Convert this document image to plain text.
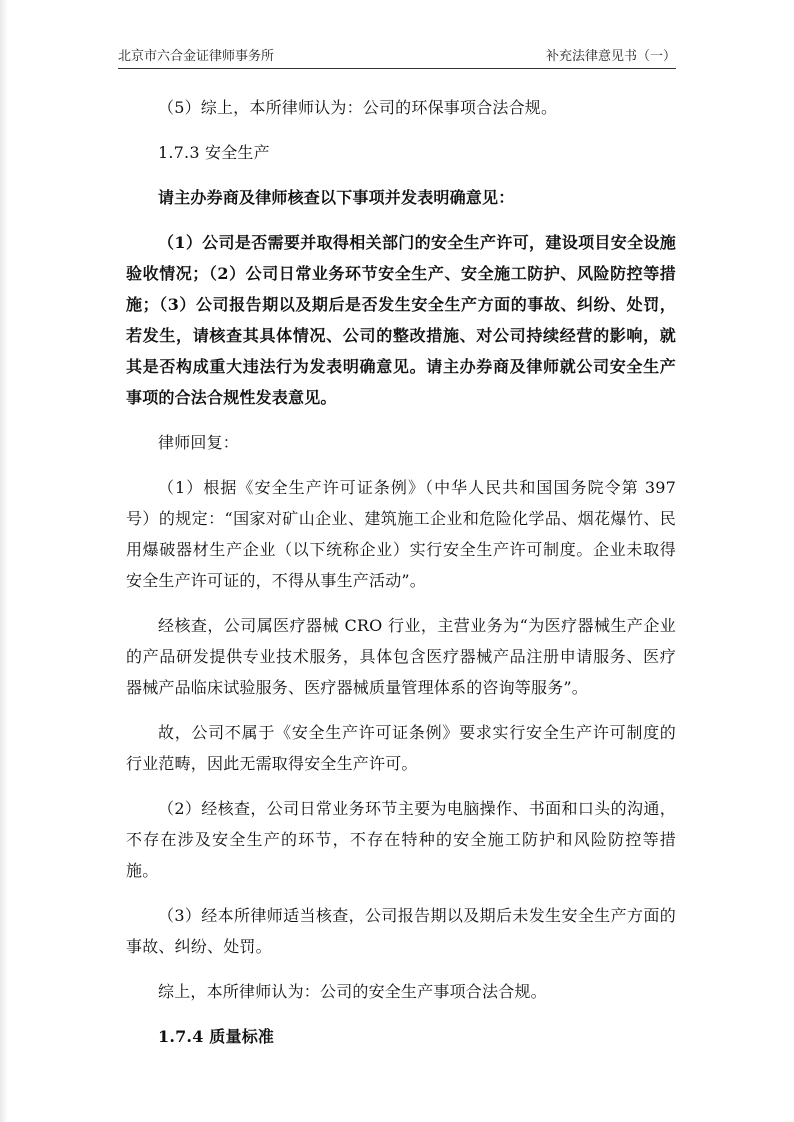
北京市六合金证律师事务所	补充法律意见书（一）

（5）综上，本所律师认为：公司的环保事项合法合规。

1.7.3 安全生产

请主办券商及律师核查以下事项并发表明确意见：

（1）公司是否需要并取得相关部门的安全生产许可，建设项目安全设施验收情况；（2）公司日常业务环节安全生产、安全施工防护、风险防控等措施；（3）公司报告期以及期后是否发生安全生产方面的事故、纠纷、处罚，若发生，请核查其具体情况、公司的整改措施、对公司持续经营的影响，就其是否构成重大违法行为发表明确意见。请主办券商及律师就公司安全生产事项的合法合规性发表意见。

律师回复：

（1）根据《安全生产许可证条例》（中华人民共和国国务院令第 397 号）的规定：“国家对矿山企业、建筑施工企业和危险化学品、烟花爆竹、民用爆破器材生产企业（以下统称企业）实行安全生产许可制度。企业未取得安全生产许可证的，不得从事生产活动”。

经核查，公司属医疗器械 CRO 行业，主营业务为“为医疗器械生产企业的产品研发提供专业技术服务，具体包含医疗器械产品注册申请服务、医疗器械产品临床试验服务、医疗器械质量管理体系的咨询等服务”。

故，公司不属于《安全生产许可证条例》要求实行安全生产许可制度的行业范畴，因此无需取得安全生产许可。

（2）经核查，公司日常业务环节主要为电脑操作、书面和口头的沟通，不存在涉及安全生产的环节，不存在特种的安全施工防护和风险防控等措施。

（3）经本所律师适当核查，公司报告期以及期后未发生安全生产方面的事故、纠纷、处罚。

综上，本所律师认为：公司的安全生产事项合法合规。

1.7.4 质量标准
